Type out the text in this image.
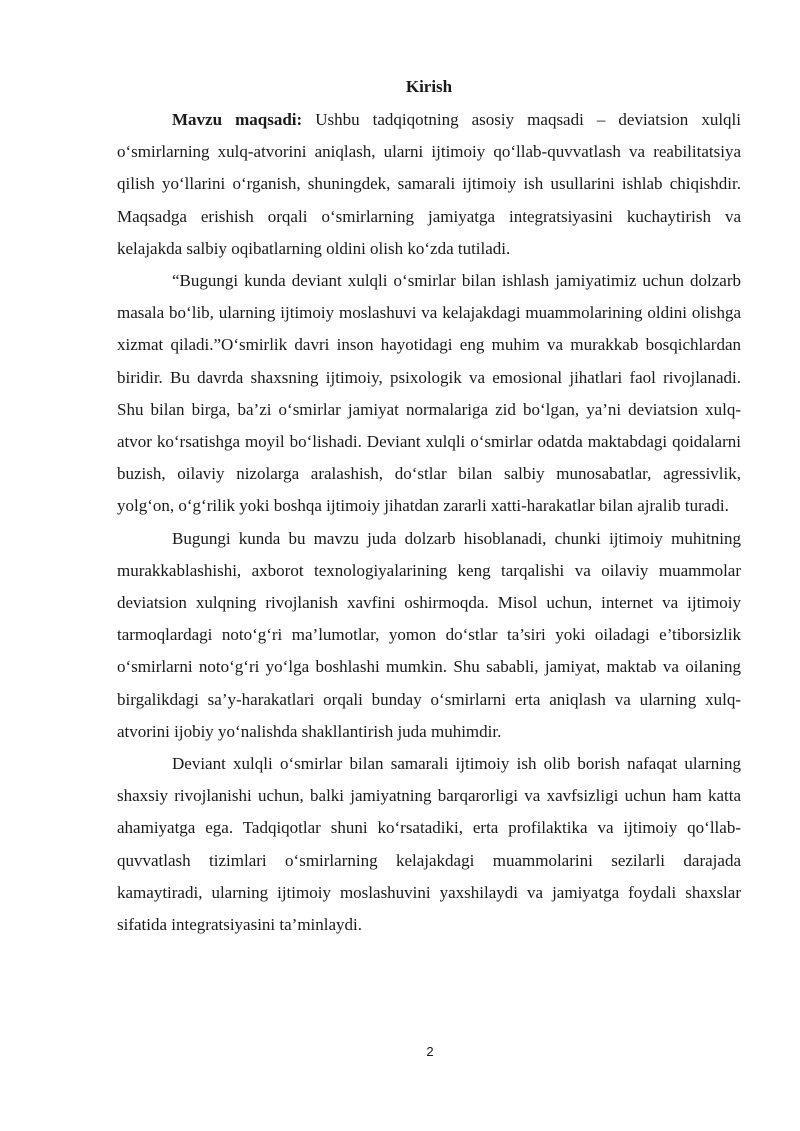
Kirish

Mavzu maqsadi: Ushbu tadqiqotning asosiy maqsadi – deviatsion xulqli o‘smirlarning xulq-atvorini aniqlash, ularni ijtimoiy qo‘llab-quvvatlash va reabilitatsiya qilish yo‘llarini o‘rganish, shuningdek, samarali ijtimoiy ish usullarini ishlab chiqishdir. Maqsadga erishish orqali o‘smirlarning jamiyatga integratsiyasini kuchaytirish va kelajakda salbiy oqibatlarning oldini olish ko‘zda tutiladi.

“Bugungi kunda deviant xulqli o‘smirlar bilan ishlash jamiyatimiz uchun dolzarb masala bo‘lib, ularning ijtimoiy moslashuvi va kelajakdagi muammolarining oldini olishga xizmat qiladi.”O‘smirlik davri inson hayotidagi eng muhim va murakkab bosqichlardan biridir. Bu davrda shaxsning ijtimoiy, psixologik va emosional jihatlari faol rivojlanadi. Shu bilan birga, ba’zi o‘smirlar jamiyat normalariga zid bo‘lgan, ya’ni deviatsion xulq-atvor ko‘rsatishga moyil bo‘lishadi. Deviant xulqli o‘smirlar odatda maktabdagi qoidalarni buzish, oilaviy nizolarga aralashish, do‘stlar bilan salbiy munosabatlar, agressivlik, yolg‘on, o‘g‘rilik yoki boshqa ijtimoiy jihatdan zararli xatti-harakatlar bilan ajralib turadi.

Bugungi kunda bu mavzu juda dolzarb hisoblanadi, chunki ijtimoiy muhitning murakkablashishi, axborot texnologiyalarining keng tarqalishi va oilaviy muammolar deviatsion xulqning rivojlanish xavfini oshirmoqda. Misol uchun, internet va ijtimoiy tarmoqlardagi noto‘g‘ri ma’lumotlar, yomon do‘stlar ta’siri yoki oiladagi e’tiborsizlik o‘smirlarni noto‘g‘ri yo‘lga boshlashi mumkin. Shu sababli, jamiyat, maktab va oilaning birgalikdagi sa’y-harakatlari orqali bunday o‘smirlarni erta aniqlash va ularning xulq-atvorini ijobiy yo‘nalishda shakllantirish juda muhimdir.

Deviant xulqli o‘smirlar bilan samarali ijtimoiy ish olib borish nafaqat ularning shaxsiy rivojlanishi uchun, balki jamiyatning barqarorligi va xavfsizligi uchun ham katta ahamiyatga ega. Tadqiqotlar shuni ko‘rsatadiki, erta profilaktika va ijtimoiy qo‘llab-quvvatlash tizimlari o‘smirlarning kelajakdagi muammolarini sezilarli darajada kamaytiradi, ularning ijtimoiy moslashuvini yaxshilaydi va jamiyatga foydali shaxslar sifatida integratsiyasini ta’minlaydi.

2
